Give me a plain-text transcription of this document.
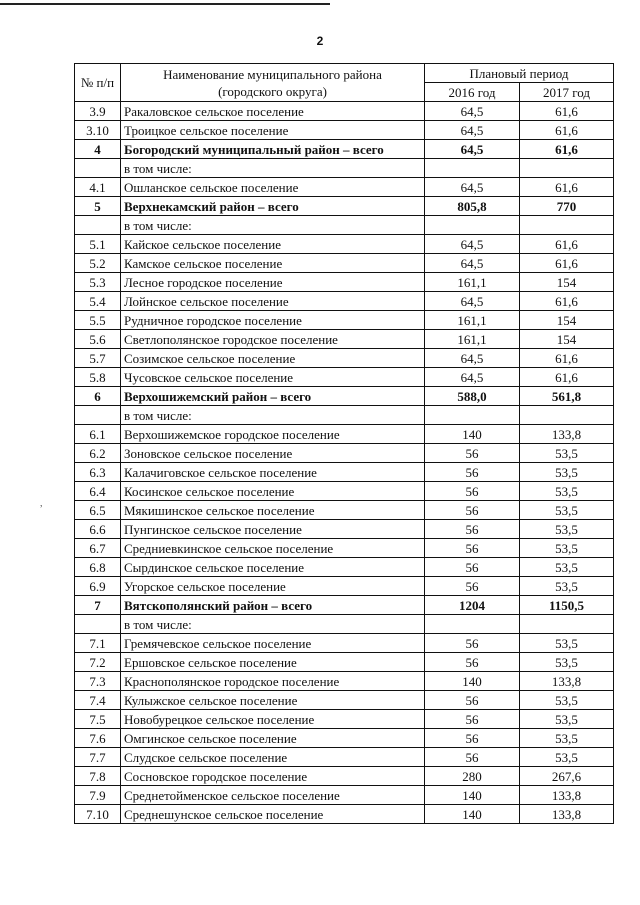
2
,
№ п/п	Наименование муниципального района
(городского округа)	Плановый период	
		2016 год	2017 год
3.9	Ракаловское сельское поселение	64,5	61,6
3.10	Троицкое сельское поселение	64,5	61,6
4	Богородский муниципальный район – всего	64,5	61,6
	в том числе:		
4.1	Ошланское сельское поселение	64,5	61,6
5	Верхнекамский район – всего	805,8	770
	в том числе:		
5.1	Кайское сельское поселение	64,5	61,6
5.2	Камское сельское поселение	64,5	61,6
5.3	Лесное городское поселение	161,1	154
5.4	Лойнское сельское поселение	64,5	61,6
5.5	Рудничное городское поселение	161,1	154
5.6	Светлополянское городское поселение	161,1	154
5.7	Созимское сельское поселение	64,5	61,6
5.8	Чусовское сельское поселение	64,5	61,6
6	Верхошижемский район – всего	588,0	561,8
	в том числе:		
6.1	Верхошижемское городское поселение	140	133,8
6.2	Зоновское сельское поселение	56	53,5
6.3	Калачиговское сельское поселение	56	53,5
6.4	Косинское сельское поселение	56	53,5
6.5	Мякишинское сельское поселение	56	53,5
6.6	Пунгинское сельское поселение	56	53,5
6.7	Средниевкинское сельское поселение	56	53,5
6.8	Сырдинское сельское поселение	56	53,5
6.9	Угорское сельское поселение	56	53,5
7	Вятскополянский район – всего	1204	1150,5
	в том числе:		
7.1	Гремячевское сельское поселение	56	53,5
7.2	Ершовское сельское поселение	56	53,5
7.3	Краснополянское городское поселение	140	133,8
7.4	Кулыжское сельское поселение	56	53,5
7.5	Новобурецкое сельское поселение	56	53,5
7.6	Омгинское сельское поселение	56	53,5
7.7	Слудское сельское поселение	56	53,5
7.8	Сосновское городское поселение	280	267,6
7.9	Среднетойменское сельское поселение	140	133,8
7.10	Среднешунское сельское поселение	140	133,8
